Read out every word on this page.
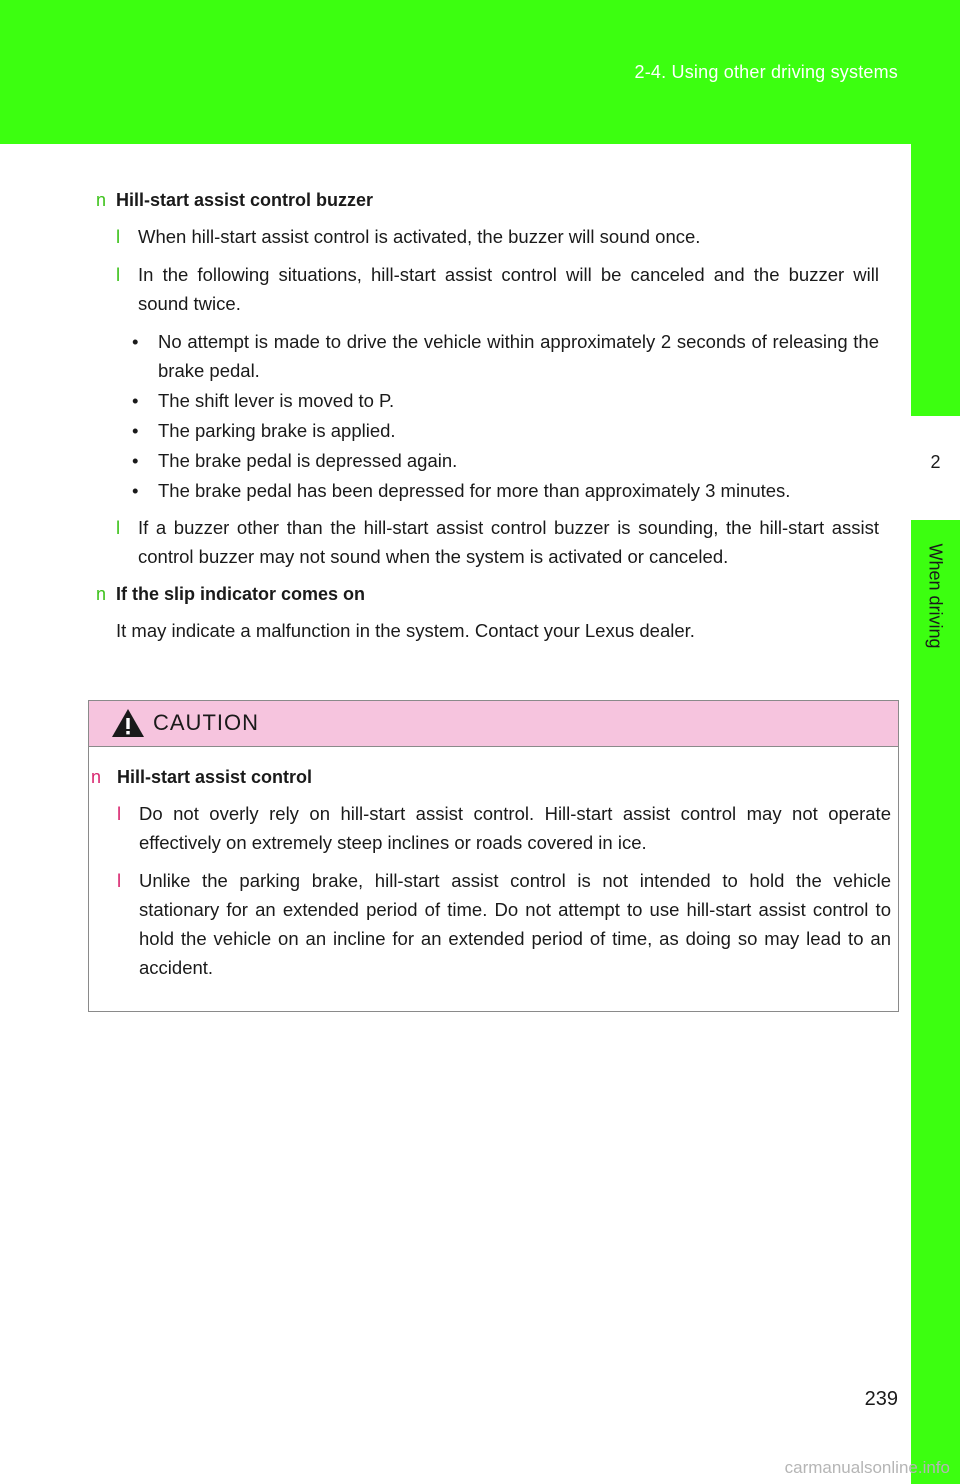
2-4. Using other driving systems
2
When driving
n Hill-start assist control buzzer
l When hill-start assist control is activated, the buzzer will sound once.
l In the following situations, hill-start assist control will be canceled and the buzzer will sound twice.
• No attempt is made to drive the vehicle within approximately 2 seconds of releasing the brake pedal.
• The shift lever is moved to P.
• The parking brake is applied.
• The brake pedal is depressed again.
• The brake pedal has been depressed for more than approximately 3 minutes.
l If a buzzer other than the hill-start assist control buzzer is sounding, the hill-start assist control buzzer may not sound when the system is activated or canceled.
n If the slip indicator comes on
It may indicate a malfunction in the system. Contact your Lexus dealer.
CAUTION
n Hill-start assist control
l Do not overly rely on hill-start assist control. Hill-start assist control may not operate effectively on extremely steep inclines or roads covered in ice.
l Unlike the parking brake, hill-start assist control is not intended to hold the vehicle stationary for an extended period of time. Do not attempt to use hill-start assist control to hold the vehicle on an incline for an extended period of time, as doing so may lead to an accident.
239
carmanualsonline.info
